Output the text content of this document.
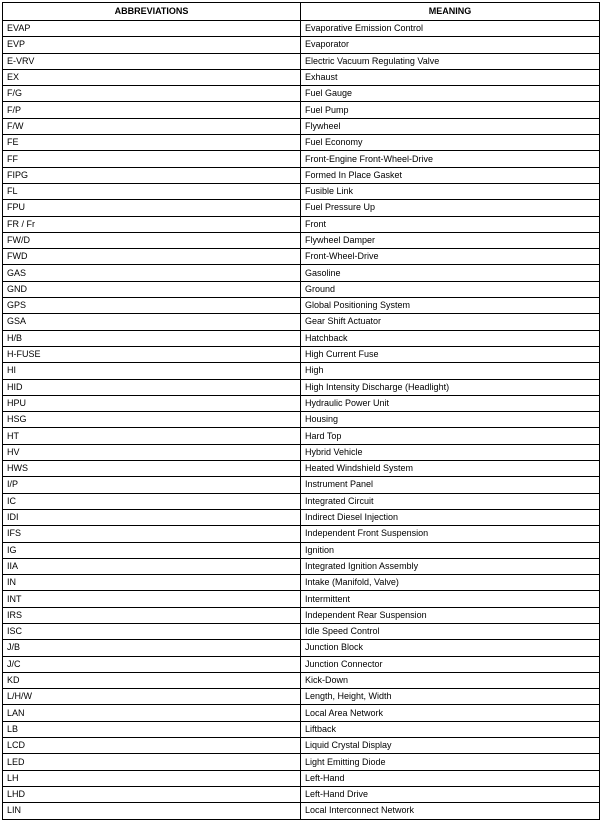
ABBREVIATIONS	MEANING
EVAP	Evaporative Emission Control
EVP	Evaporator
E-VRV	Electric Vacuum Regulating Valve
EX	Exhaust
F/G	Fuel Gauge
F/P	Fuel Pump
F/W	Flywheel
FE	Fuel Economy
FF	Front-Engine Front-Wheel-Drive
FIPG	Formed In Place Gasket
FL	Fusible Link
FPU	Fuel Pressure Up
FR / Fr	Front
FW/D	Flywheel Damper
FWD	Front-Wheel-Drive
GAS	Gasoline
GND	Ground
GPS	Global Positioning System
GSA	Gear Shift Actuator
H/B	Hatchback
H-FUSE	High Current Fuse
HI	High
HID	High Intensity Discharge (Headlight)
HPU	Hydraulic Power Unit
HSG	Housing
HT	Hard Top
HV	Hybrid Vehicle
HWS	Heated Windshield System
I/P	Instrument Panel
IC	Integrated Circuit
IDI	Indirect Diesel Injection
IFS	Independent Front Suspension
IG	Ignition
IIA	Integrated Ignition Assembly
IN	Intake (Manifold, Valve)
INT	Intermittent
IRS	Independent Rear Suspension
ISC	Idle Speed Control
J/B	Junction Block
J/C	Junction Connector
KD	Kick-Down
L/H/W	Length, Height, Width
LAN	Local Area Network
LB	Liftback
LCD	Liquid Crystal Display
LED	Light Emitting Diode
LH	Left-Hand
LHD	Left-Hand Drive
LIN	Local Interconnect Network
